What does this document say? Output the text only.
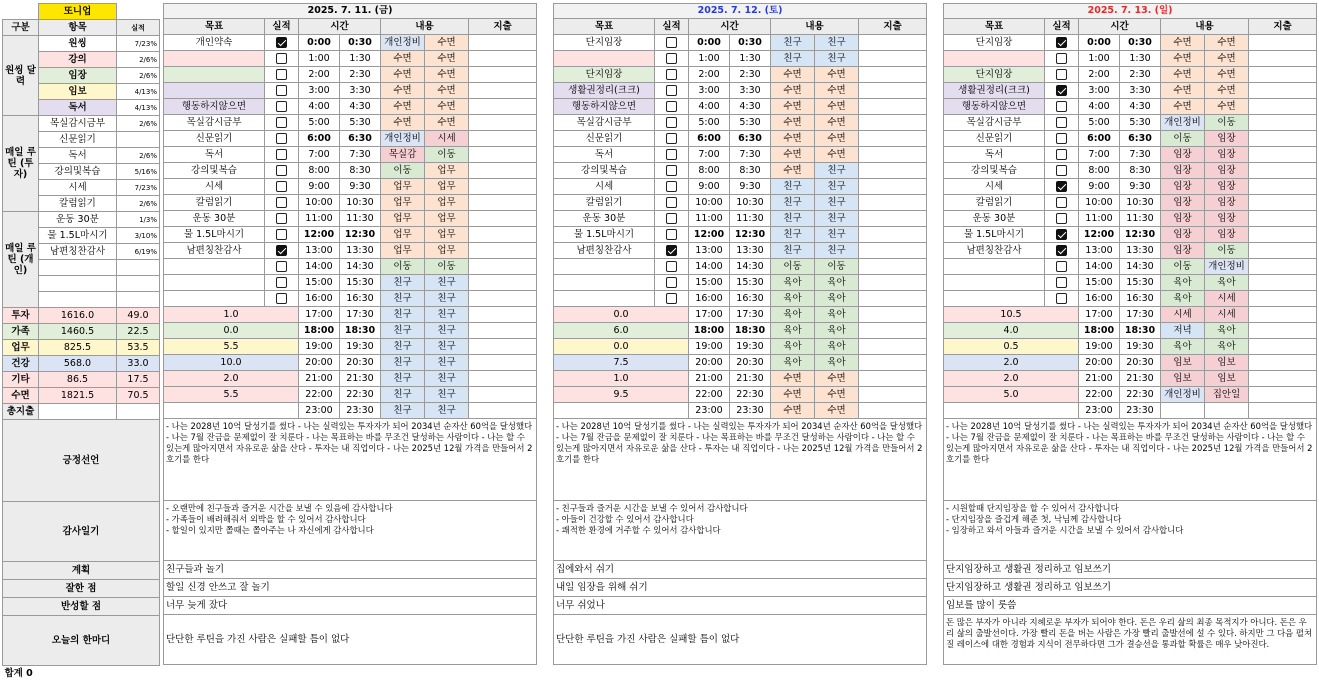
	또니업	
구분	항목	실적
원씽 달력	원씽	7/23%
	강의	2/6%
	임장	2/6%
	임보	4/13%
	독서	4/13%
매일 루틴 (투자)	목실감시금부	2/6%
	신문읽기	
	독서	2/6%
	강의및복습	5/16%
	시세	7/23%
	칼럼읽기	2/6%
매일 루틴 (개인)	운동 30분	1/3%
	물 1.5L마시기	3/10%
	남편칭찬감사	6/19%

투자	1616.0	49.0
가족	1460.5	22.5
업무	825.5	53.5
건강	568.0	33.0
기타	86.5	17.5
수면	1821.5	70.5
총지출		
긍정선언		
감사일기		
계획		
잘한 점		
반성할 점		
오늘의 한마디		
합계 0		
2025. 7. 11. (금)						
목표	실적	시간		내용		지출
개인약속		0:00	0:30	개인정비	수면	
		1:00	1:30	수면	수면	
		2:00	2:30	수면	수면	
		3:00	3:30	수면	수면	
행동하지않으면		4:00	4:30	수면	수면	
목실감시금부		5:00	5:30	수면	수면	
신문읽기		6:00	6:30	개인정비	시세	
독서		7:00	7:30	목실감	이동	
강의및복습		8:00	8:30	이동	업무	
시세		9:00	9:30	업무	업무	
칼럼읽기		10:00	10:30	업무	업무	
운동 30분		11:00	11:30	업무	업무	
물 1.5L마시기		12:00	12:30	업무	업무	
남편칭찬감사		13:00	13:30	업무	업무	
		14:00	14:30	이동	이동	
		15:00	15:30	친구	친구	
		16:00	16:30	친구	친구	
1.0		17:00	17:30	친구	친구	
0.0		18:00	18:30	친구	친구	
5.5		19:00	19:30	친구	친구	
10.0		20:00	20:30	친구	친구	
2.0		21:00	21:30	친구	친구	
5.5		22:00	22:30	친구	친구	
		23:00	23:30	친구	친구	
- 나는 2028년 10억 달성기를 썼다 - 나는 실력있는 투자자가 되어 2034년 순자산 60억을 달성했다 - 나는 7월 잔금을 문제없이 잘 치룬다 - 나는 목표하는 바를 무조건 달성하는 사람이다 - 나는 할 수 있는게 많아지면서 자유로운 삶을 산다 - 투자는 내 직업이다 - 나는 2025년 12월 가격을 만들어서 2호기를 한다						
- 오랜만에 친구들과 즐거운 시간을 보낼 수 있음에 감사합니다
- 가족들이 배려해줘서 외박을 할 수 있어서 감사합니다
- 할일이 있지만 쫄때는 쫄아주는 나 자신에게 감사합니다						
친구들과 놀기						
할일 신경 안쓰고 잘 놀기						
너무 늦게 잤다						
단단한 루틴을 가진 사람은 실패할 틈이 없다						
2025. 7. 12. (토)						
목표	실적	시간		내용		지출
단지임장		0:00	0:30	친구	친구	
		1:00	1:30	친구	친구	
단지임장		2:00	2:30	수면	수면	
생활권정리(크크)		3:00	3:30	수면	수면	
행동하지않으면		4:00	4:30	수면	수면	
목실감시금부		5:00	5:30	수면	수면	
신문읽기		6:00	6:30	수면	수면	
독서		7:00	7:30	수면	수면	
강의및복습		8:00	8:30	수면	친구	
시세		9:00	9:30	친구	친구	
칼럼읽기		10:00	10:30	친구	친구	
운동 30분		11:00	11:30	친구	친구	
물 1.5L마시기		12:00	12:30	친구	친구	
남편칭찬감사		13:00	13:30	친구	친구	
		14:00	14:30	이동	이동	
		15:00	15:30	육아	육아	
		16:00	16:30	육아	육아	
0.0		17:00	17:30	육아	육아	
6.0		18:00	18:30	육아	육아	
0.0		19:00	19:30	육아	육아	
7.5		20:00	20:30	육아	육아	
1.0		21:00	21:30	수면	수면	
9.5		22:00	22:30	수면	수면	
		23:00	23:30	수면	수면	
- 나는 2028년 10억 달성기를 썼다 - 나는 실력있는 투자자가 되어 2034년 순자산 60억을 달성했다 - 나는 7월 잔금을 문제없이 잘 치룬다 - 나는 목표하는 바를 무조건 달성하는 사람이다 - 나는 할 수 있는게 많아지면서 자유로운 삶을 산다 - 투자는 내 직업이다 - 나는 2025년 12월 가격을 만들어서 2호기를 한다						
- 친구들과 즐거운 시간을 보낼 수 있어서 감사합니다
- 아들이 건강할 수 있어서 감사합니다
- 쾌적한 환경에 거주할 수 있어서 감사합니다						
집에와서 쉬기						
내일 임장을 위해 쉬기						
너무 쉬었나						
단단한 루틴을 가진 사람은 실패할 틈이 없다						
2025. 7. 13. (일)						
목표	실적	시간		내용		지출
단지임장		0:00	0:30	수면	수면	
		1:00	1:30	수면	수면	
단지임장		2:00	2:30	수면	수면	
생활권정리(크크)		3:00	3:30	수면	수면	
행동하지않으면		4:00	4:30	수면	수면	
목실감시금부		5:00	5:30	개인정비	이동	
신문읽기		6:00	6:30	이동	임장	
독서		7:00	7:30	임장	임장	
강의및복습		8:00	8:30	임장	임장	
시세		9:00	9:30	임장	임장	
칼럼읽기		10:00	10:30	임장	임장	
운동 30분		11:00	11:30	임장	임장	
물 1.5L마시기		12:00	12:30	임장	임장	
남편칭찬감사		13:00	13:30	임장	이동	
		14:00	14:30	이동	개인정비	
		15:00	15:30	육아	육아	
		16:00	16:30	육아	시세	
10.5		17:00	17:30	시세	시세	
4.0		18:00	18:30	저녁	육아	
0.5		19:00	19:30	육아	육아	
2.0		20:00	20:30	임보	임보	
2.0		21:00	21:30	임보	임보	
5.0		22:00	22:30	개인정비	집안일	
		23:00	23:30			
- 나는 2028년 10억 달성기를 썼다 - 나는 실력있는 투자자가 되어 2034년 순자산 60억을 달성했다 - 나는 7월 잔금을 문제없이 잘 치룬다 - 나는 목표하는 바를 무조건 달성하는 사람이다 - 나는 할 수 있는게 많아지면서 자유로운 삶을 산다 - 투자는 내 직업이다 - 나는 2025년 12월 가격을 만들어서 2호기를 한다						
- 시원할때 단지임장을 할 수 있어서 감사합니다
- 단지임장을 즐겁게 해준 첫, 낙님께 감사합니다
- 임장하고 와서 아들과 즐거운 시간을 보낼 수 있어서 감사합니다						
단지임장하고 생활권 정리하고 임보쓰기						
단지임장하고 생활권 정리하고 임보쓰기						
임보를 많이 룻씀						
돈 많은 부자가 아니라 지혜로운 부자가 되어야 한다. 돈은 우리 삶의 최종 목적지가 아니다. 돈은 우리 삶의 출발선이다. 가장 빨리 돈을 버는 사람은 가장 빨리 출발선에 설 수 있다. 하지만 그 다음 펼쳐질 레이스에 대한 경험과 지식이 전무하다면 그가 결승선을 통과할 확률은 매우 낮아진다.						
